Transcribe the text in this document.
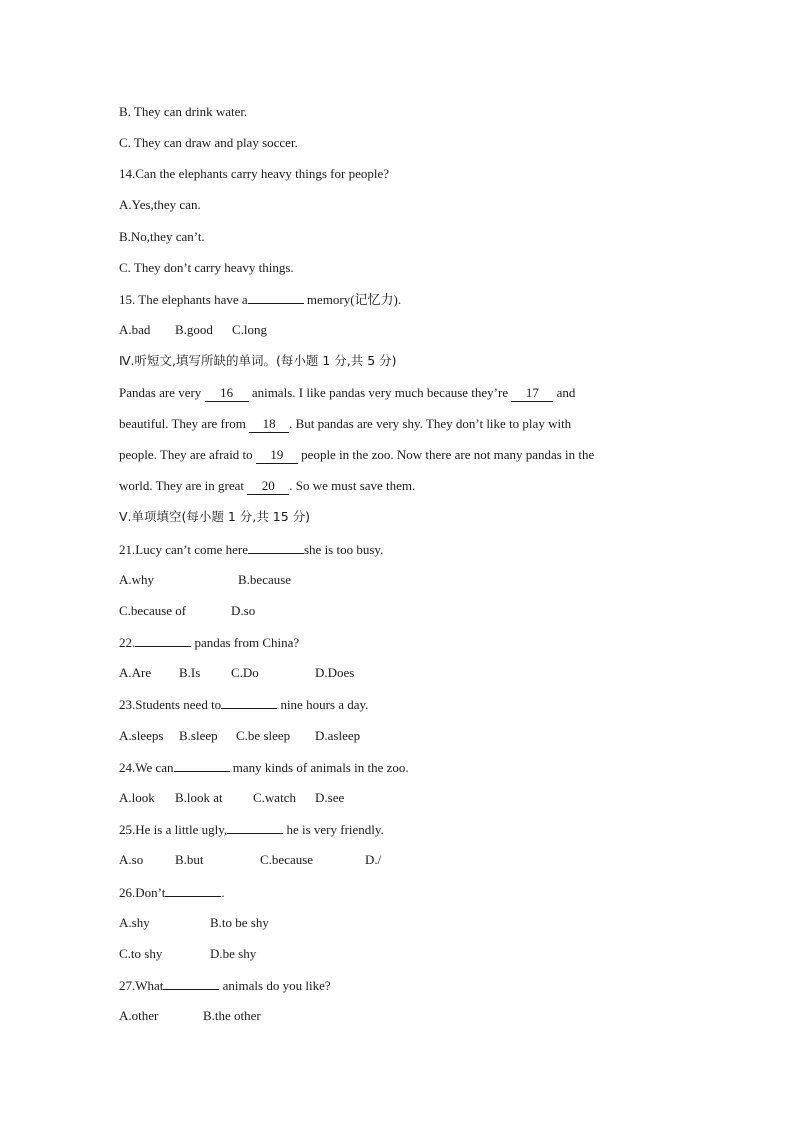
B. They can drink water.
C. They can draw and play soccer.
14.Can the elephants carry heavy things for people?
A.Yes,they can.
B.No,they can’t.
C. They don’t carry heavy things.
15. The elephants have a	memory(记忆力).
A.bad B.good C.long
Ⅳ.听短文,填写所缺的单词。(每小题 1 分,共 5 分)
Pandas are very 16 animals. I like pandas very much because they’re 17 and
beautiful. They are from 18 . But pandas are very shy. They don’t like to play with
people. They are afraid to 19 people in the zoo. Now there are not many pandas in the
world. They are in great 20 . So we must save them.
Ⅴ.单项填空(每小题 1 分,共 15 分)
21.Lucy can’t come here	she is too busy.
A.why	B.because
C.because of	D.so
22.	pandas from China?
A.Are B.Is C.Do	D.Does
23.Students need to	nine hours a day.
A.sleeps B.sleep C.be sleep D.asleep
24.We can	many kinds of animals in the zoo.
A.look B.look at C.watch D.see
25.He is a little ugly,	he is very friendly.
A.so B.but	C.because	D./
26.Don’t	.
A.shy	B.to be shy
C.to shy	D.be shy
27.What	animals do you like?
A.other	B.the other
